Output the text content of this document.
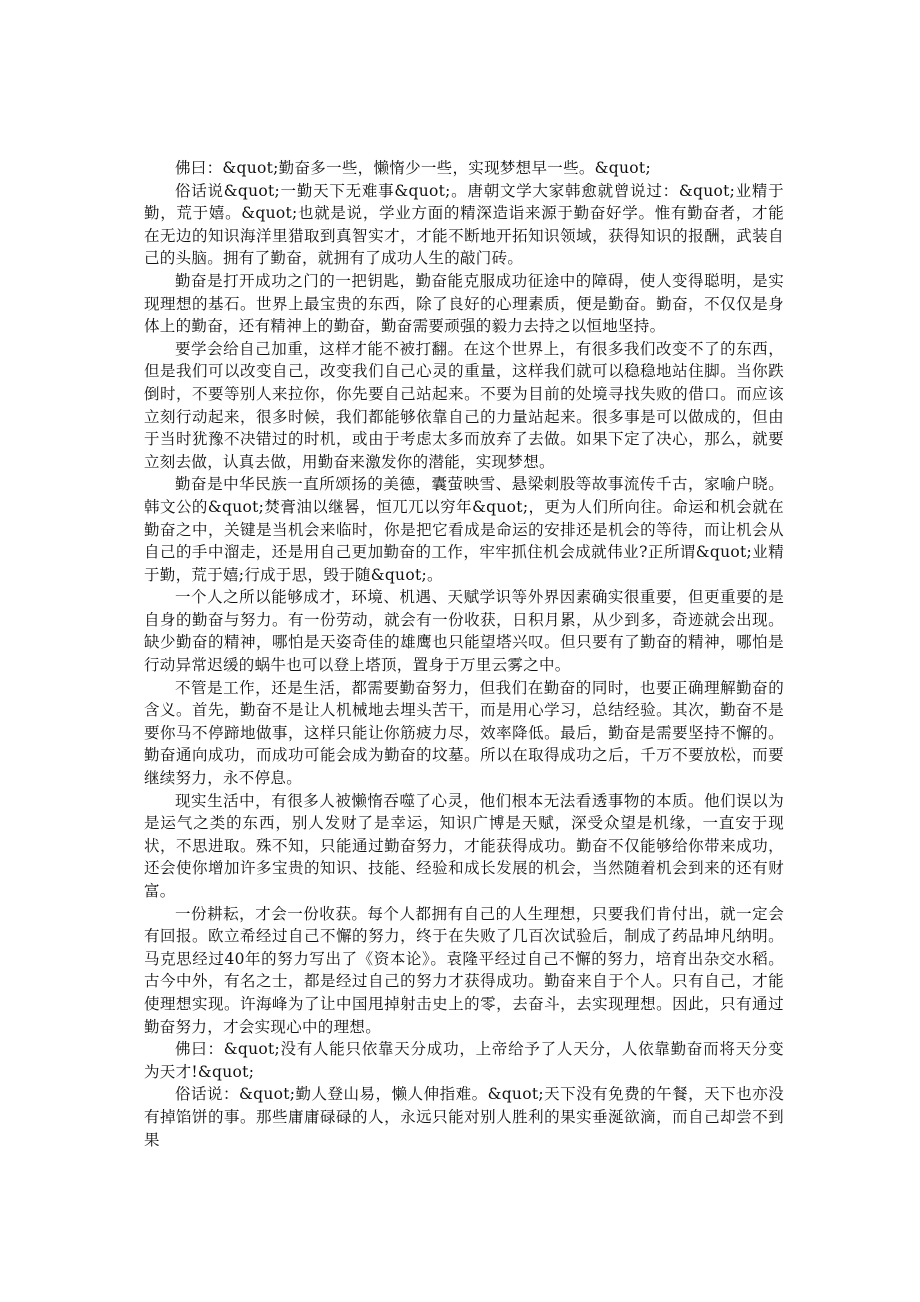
佛曰：&quot;勤奋多一些，懒惰少一些，实现梦想早一些。&quot;

俗话说&quot;一勤天下无难事&quot;。唐朝文学大家韩愈就曾说过：&quot;业精于勤，荒于嬉。&quot;也就是说，学业方面的精深造诣来源于勤奋好学。惟有勤奋者，才能在无边的知识海洋里猎取到真智实才，才能不断地开拓知识领域，获得知识的报酬，武装自己的头脑。拥有了勤奋，就拥有了成功人生的敲门砖。

勤奋是打开成功之门的一把钥匙，勤奋能克服成功征途中的障碍，使人变得聪明，是实现理想的基石。世界上最宝贵的东西，除了良好的心理素质，便是勤奋。勤奋，不仅仅是身体上的勤奋，还有精神上的勤奋，勤奋需要顽强的毅力去持之以恒地坚持。

要学会给自己加重，这样才能不被打翻。在这个世界上，有很多我们改变不了的东西，但是我们可以改变自己，改变我们自己心灵的重量，这样我们就可以稳稳地站住脚。当你跌倒时，不要等别人来拉你，你先要自己站起来。不要为目前的处境寻找失败的借口。而应该立刻行动起来，很多时候，我们都能够依靠自己的力量站起来。很多事是可以做成的，但由于当时犹豫不决错过的时机，或由于考虑太多而放弃了去做。如果下定了决心，那么，就要立刻去做，认真去做，用勤奋来激发你的潜能，实现梦想。

勤奋是中华民族一直所颂扬的美德，囊萤映雪、悬梁刺股等故事流传千古，家喻户晓。韩文公的&quot;焚膏油以继晷，恒兀兀以穷年&quot;，更为人们所向往。命运和机会就在勤奋之中，关键是当机会来临时，你是把它看成是命运的安排还是机会的等待，而让机会从自己的手中溜走，还是用自己更加勤奋的工作，牢牢抓住机会成就伟业?正所谓&quot;业精于勤，荒于嬉;行成于思，毁于随&quot;。

一个人之所以能够成才，环境、机遇、天赋学识等外界因素确实很重要，但更重要的是自身的勤奋与努力。有一份劳动，就会有一份收获，日积月累，从少到多，奇迹就会出现。缺少勤奋的精神，哪怕是天姿奇佳的雄鹰也只能望塔兴叹。但只要有了勤奋的精神，哪怕是行动异常迟缓的蜗牛也可以登上塔顶，置身于万里云雾之中。

不管是工作，还是生活，都需要勤奋努力，但我们在勤奋的同时，也要正确理解勤奋的含义。首先，勤奋不是让人机械地去埋头苦干，而是用心学习，总结经验。其次，勤奋不是要你马不停蹄地做事，这样只能让你筋疲力尽，效率降低。最后，勤奋是需要坚持不懈的。勤奋通向成功，而成功可能会成为勤奋的坟墓。所以在取得成功之后，千万不要放松，而要继续努力，永不停息。

现实生活中，有很多人被懒惰吞噬了心灵，他们根本无法看透事物的本质。他们误以为是运气之类的东西，别人发财了是幸运，知识广博是天赋，深受众望是机缘，一直安于现状，不思进取。殊不知，只能通过勤奋努力，才能获得成功。勤奋不仅能够给你带来成功，还会使你增加许多宝贵的知识、技能、经验和成长发展的机会，当然随着机会到来的还有财富。

一份耕耘，才会一份收获。每个人都拥有自己的人生理想，只要我们肯付出，就一定会有回报。欧立希经过自己不懈的努力，终于在失败了几百次试验后，制成了药品坤凡纳明。马克思经过40年的努力写出了《资本论》。袁隆平经过自己不懈的努力，培育出杂交水稻。古今中外，有名之士，都是经过自己的努力才获得成功。勤奋来自于个人。只有自己，才能使理想实现。许海峰为了让中国甩掉射击史上的零，去奋斗，去实现理想。因此，只有通过勤奋努力，才会实现心中的理想。

佛曰：&quot;没有人能只依靠天分成功，上帝给予了人天分，人依靠勤奋而将天分变为天才!&quot;

俗话说：&quot;勤人登山易，懒人伸指难。&quot;天下没有免费的午餐，天下也亦没有掉馅饼的事。那些庸庸碌碌的人，永远只能对别人胜利的果实垂涎欲滴，而自己却尝不到果
